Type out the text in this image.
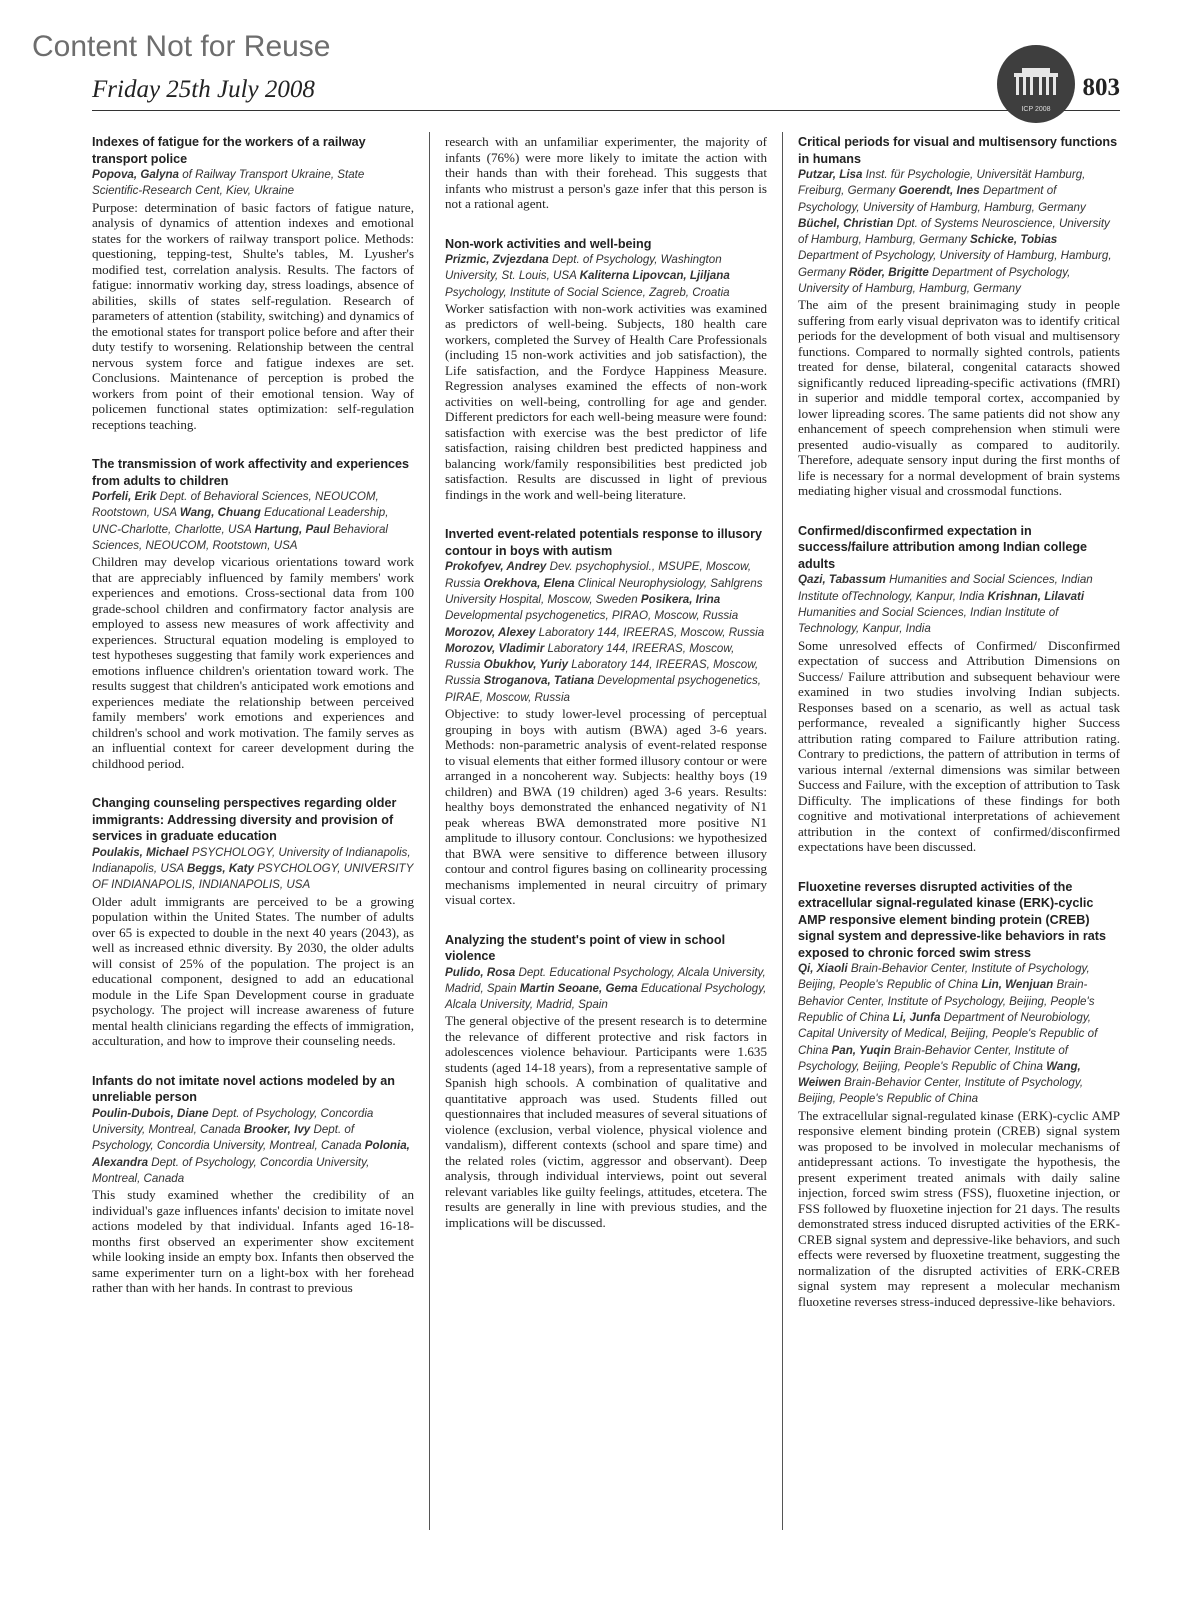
Content Not for Reuse
Friday 25th July 2008
ICP 2008
803
Indexes of fatigue for the workers of a railway transport police
Popova, Galyna of Railway Transport Ukraine, State Scientific-Research Cent, Kiev, Ukraine
Purpose: determination of basic factors of fatigue nature, analysis of dynamics of attention indexes and emotional states for the workers of railway transport police. Methods: questioning, tepping-test, Shulte's tables, M. Lyusher's modified test, correlation analysis. Results. The factors of fatigue: innormativ working day, stress loadings, absence of abilities, skills of states self-regulation. Research of parameters of attention (stability, switching) and dynamics of the emotional states for transport police before and after their duty testify to worsening. Relationship between the central nervous system force and fatigue indexes are set. Conclusions. Maintenance of perception is probed the workers from point of their emotional tension. Way of policemen functional states optimization: self-regulation receptions teaching.
The transmission of work affectivity and experiences from adults to children
Porfeli, Erik Dept. of Behavioral Sciences, NEOUCOM, Rootstown, USA Wang, Chuang Educational Leadership, UNC-Charlotte, Charlotte, USA Hartung, Paul Behavioral Sciences, NEOUCOM, Rootstown, USA
Children may develop vicarious orientations toward work that are appreciably influenced by family members' work experiences and emotions. Cross-sectional data from 100 grade-school children and confirmatory factor analysis are employed to assess new measures of work affectivity and experiences. Structural equation modeling is employed to test hypotheses suggesting that family work experiences and emotions influence children's orientation toward work. The results suggest that children's anticipated work emotions and experiences mediate the relationship between perceived family members' work emotions and experiences and children's school and work motivation. The family serves as an influential context for career development during the childhood period.
Changing counseling perspectives regarding older immigrants: Addressing diversity and provision of services in graduate education
Poulakis, Michael PSYCHOLOGY, University of Indianapolis, Indianapolis, USA Beggs, Katy PSYCHOLOGY, UNIVERSITY OF INDIANAPOLIS, INDIANAPOLIS, USA
Older adult immigrants are perceived to be a growing population within the United States. The number of adults over 65 is expected to double in the next 40 years (2043), as well as increased ethnic diversity. By 2030, the older adults will consist of 25% of the population. The project is an educational component, designed to add an educational module in the Life Span Development course in graduate psychology. The project will increase awareness of future mental health clinicians regarding the effects of immigration, acculturation, and how to improve their counseling needs.
Infants do not imitate novel actions modeled by an unreliable person
Poulin-Dubois, Diane Dept. of Psychology, Concordia University, Montreal, Canada Brooker, Ivy Dept. of Psychology, Concordia University, Montreal, Canada Polonia, Alexandra Dept. of Psychology, Concordia University, Montreal, Canada
This study examined whether the credibility of an individual's gaze influences infants' decision to imitate novel actions modeled by that individual. Infants aged 16-18-months first observed an experimenter show excitement while looking inside an empty box. Infants then observed the same experimenter turn on a light-box with her forehead rather than with her hands. In contrast to previous
research with an unfamiliar experimenter, the majority of infants (76%) were more likely to imitate the action with their hands than with their forehead. This suggests that infants who mistrust a person's gaze infer that this person is not a rational agent.
Non-work activities and well-being
Prizmic, Zvjezdana Dept. of Psychology, Washington University, St. Louis, USA Kaliterna Lipovcan, Ljiljana Psychology, Institute of Social Science, Zagreb, Croatia
Worker satisfaction with non-work activities was examined as predictors of well-being. Subjects, 180 health care workers, completed the Survey of Health Care Professionals (including 15 non-work activities and job satisfaction), the Life satisfaction, and the Fordyce Happiness Measure. Regression analyses examined the effects of non-work activities on well-being, controlling for age and gender. Different predictors for each well-being measure were found: satisfaction with exercise was the best predictor of life satisfaction, raising children best predicted happiness and balancing work/family responsibilities best predicted job satisfaction. Results are discussed in light of previous findings in the work and well-being literature.
Inverted event-related potentials response to illusory contour in boys with autism
Prokofyev, Andrey Dev. psychophysiol., MSUPE, Moscow, Russia Orekhova, Elena Clinical Neurophysiology, Sahlgrens University Hospital, Moscow, Sweden Posikera, Irina Developmental psychogenetics, PIRAO, Moscow, Russia Morozov, Alexey Laboratory 144, IREERAS, Moscow, Russia Morozov, Vladimir Laboratory 144, IREERAS, Moscow, Russia Obukhov, Yuriy Laboratory 144, IREERAS, Moscow, Russia Stroganova, Tatiana Developmental psychogenetics, PIRAE, Moscow, Russia
Objective: to study lower-level processing of perceptual grouping in boys with autism (BWA) aged 3-6 years. Methods: non-parametric analysis of event-related response to visual elements that either formed illusory contour or were arranged in a noncoherent way. Subjects: healthy boys (19 children) and BWA (19 children) aged 3-6 years. Results: healthy boys demonstrated the enhanced negativity of N1 peak whereas BWA demonstrated more positive N1 amplitude to illusory contour. Conclusions: we hypothesized that BWA were sensitive to difference between illusory contour and control figures basing on collinearity processing mechanisms implemented in neural circuitry of primary visual cortex.
Analyzing the student's point of view in school violence
Pulido, Rosa Dept. Educational Psychology, Alcala University, Madrid, Spain Martin Seoane, Gema Educational Psychology, Alcala University, Madrid, Spain
The general objective of the present research is to determine the relevance of different protective and risk factors in adolescences violence behaviour. Participants were 1.635 students (aged 14-18 years), from a representative sample of Spanish high schools. A combination of qualitative and quantitative approach was used. Students filled out questionnaires that included measures of several situations of violence (exclusion, verbal violence, physical violence and vandalism), different contexts (school and spare time) and the related roles (victim, aggressor and observant). Deep analysis, through individual interviews, point out several relevant variables like guilty feelings, attitudes, etcetera. The results are generally in line with previous studies, and the implications will be discussed.
Critical periods for visual and multisensory functions in humans
Putzar, Lisa Inst. für Psychologie, Universität Hamburg, Freiburg, Germany Goerendt, Ines Department of Psychology, University of Hamburg, Hamburg, Germany Büchel, Christian Dpt. of Systems Neuroscience, University of Hamburg, Hamburg, Germany Schicke, Tobias Department of Psychology, University of Hamburg, Hamburg, Germany Röder, Brigitte Department of Psychology, University of Hamburg, Hamburg, Germany
The aim of the present brainimaging study in people suffering from early visual deprivaton was to identify critical periods for the development of both visual and multisensory functions. Compared to normally sighted controls, patients treated for dense, bilateral, congenital cataracts showed significantly reduced lipreading-specific activations (fMRI) in superior and middle temporal cortex, accompanied by lower lipreading scores. The same patients did not show any enhancement of speech comprehension when stimuli were presented audio-visually as compared to auditorily. Therefore, adequate sensory input during the first months of life is necessary for a normal development of brain systems mediating higher visual and crossmodal functions.
Confirmed/disconfirmed expectation in success/failure attribution among Indian college adults
Qazi, Tabassum Humanities and Social Sciences, Indian Institute ofTechnology, Kanpur, India Krishnan, Lilavati Humanities and Social Sciences, Indian Institute of Technology, Kanpur, India
Some unresolved effects of Confirmed/ Disconfirmed expectation of success and Attribution Dimensions on Success/ Failure attribution and subsequent behaviour were examined in two studies involving Indian subjects. Responses based on a scenario, as well as actual task performance, revealed a significantly higher Success attribution rating compared to Failure attribution rating. Contrary to predictions, the pattern of attribution in terms of various internal /external dimensions was similar between Success and Failure, with the exception of attribution to Task Difficulty. The implications of these findings for both cognitive and motivational interpretations of achievement attribution in the context of confirmed/disconfirmed expectations have been discussed.
Fluoxetine reverses disrupted activities of the extracellular signal-regulated kinase (ERK)-cyclic AMP responsive element binding protein (CREB) signal system and depressive-like behaviors in rats exposed to chronic forced swim stress
Qi, Xiaoli Brain-Behavior Center, Institute of Psychology, Beijing, People's Republic of China Lin, Wenjuan Brain-Behavior Center, Institute of Psychology, Beijing, People's Republic of China Li, Junfa Department of Neurobiology, Capital University of Medical, Beijing, People's Republic of China Pan, Yuqin Brain-Behavior Center, Institute of Psychology, Beijing, People's Republic of China Wang, Weiwen Brain-Behavior Center, Institute of Psychology, Beijing, People's Republic of China
The extracellular signal-regulated kinase (ERK)-cyclic AMP responsive element binding protein (CREB) signal system was proposed to be involved in molecular mechanisms of antidepressant actions. To investigate the hypothesis, the present experiment treated animals with daily saline injection, forced swim stress (FSS), fluoxetine injection, or FSS followed by fluoxetine injection for 21 days. The results demonstrated stress induced disrupted activities of the ERK-CREB signal system and depressive-like behaviors, and such effects were reversed by fluoxetine treatment, suggesting the normalization of the disrupted activities of ERK-CREB signal system may represent a molecular mechanism fluoxetine reverses stress-induced depressive-like behaviors.
